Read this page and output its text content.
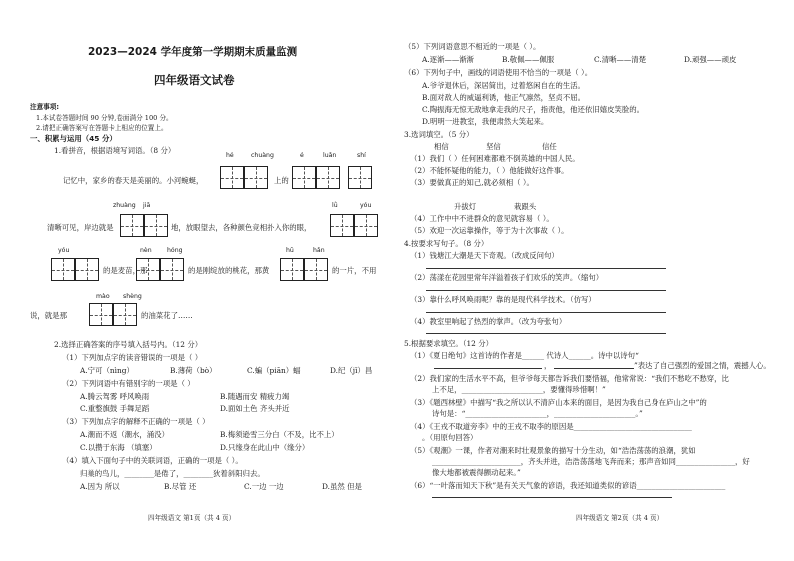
2023—2024 学年度第一学期期末质量监测
四年级语文试卷
注意事项:
1.本试卷答题时间 90 分钟,卷面满分 100 分。
2.请把正确答案写在答题卡上相应的位置上。
一、积累与运用（45 分）
1.看拼音，根据语境写词语。（8 分）
hé	chuàng	é	luǎn	shí
记忆中，家乡的春天是美丽的。小河蜿蜒，	上的
zhuàng jiā	lǜ	yóu
清晰可见，岸边就是	地，放眼望去，各种颜色竞相扑入你的眼，
yóu	nèn hóng	hū	hǎn
的是麦苗，那	的是刚绽放的桃花，那黄	的一片，不用
mào shèng
说，就是那	的油菜花了……
2.选择正确答案的序号填入括号内。（12 分）
（1）下列加点字的读音错误的一项是（ ）
A.宁可（nìng）	B.薄荷（bò）	C.蝙（piān）蝠	D.纪（jǐ）昌
（2）下列词语中有错别字的一项是（ ）
A.腾云驾雾 呼风唤雨	B.随遇而安 精疲力竭
C.重整旗鼓 手舞足蹈	D.面如土色 齐头并近
（3）下列加点字的解释不正确的一项是（ ）
A.潮而不返（潮水，涌没）	B.梅须逊雪三分白（不及，比不上）
C.以攒于东海 （填塞）	D.只缘身在此山中（缘分）
（4）填入下面句子中的关联词语，正确的一项是（ ）。
归巢的鸟儿，________是倦了，________狄着斜阳归去。
A.因为 所以	B.尽管 还	C.一边 一边	D.虽然 但是
四年级语文 第1页（共 4 页）
（5）下列词语意思不相近的一项是（ ）。
A.逐渐——渐渐	B.敬佩——佩服	C.清晰——清楚	D.顽强——顽皮
（6）下列句子中，画线的词语使用不恰当的一项是（ ）。
A.爷爷退休后，深居简出，过着悠闲自在的生活。
B.面对敌人的威逼利诱，他正气凛然，坚贞不屈。
C.陶振海无惊无敌地拿走我的尺子，指责他，他还依旧嬉皮笑脸的。
D.明明一进教室，我便肃然大笑起来。
3.选词填空。（5 分）
相信	坚信	信任
（1）我们（ ）任何困难都难不倒英雄的中国人民。
（2）不能怀疑他的能力，（ ）他能做好这件事。
（3）要做真正的知己,就必须相（ ）。
升拔灯	栽跟头
（4）工作中中不进群众的意见就容易（ ）。
（5）欢迎一次运靠操作，等于为十次事故（ ）。
4.按要求写句子。（8 分）
（1）钱塘江大潮是天下奇观。（改成反问句）
（2）荡漾在花园里常年洋溢着孩子们欢乐的笑声。（缩句）
（3）靠什么呼风唤雨呢？靠的是现代科学技术。（仿写）
（4）教室里响起了热烈的掌声。（改为夸张句）
5.根据要求填空。（12 分）
（1）《夏日绝句》这首诗的作者是______ 代诗人______。诗中以诗句“
，	”表达了自己强烈的爱国之情，震撼人心。
（2）我们家的生活水平不高，但爷爷每天都告诉我们要惜福，他常常说：“我们不愁吃不愁穿，比
上不足，______________________，要懂得珍惜啊！”
（3）《题西林壁》中描写“我之所以认不清庐山本来的面目，是因为我自己身在庐山之中”的
诗句是：“______________________，______________________。”
（4）《王戎不取道旁李》中的王戎不取李的原因是________________________________
。（用原句回答）
（5）《观潮》一课，作者对潮来时壮观景象的描写十分生动，如“浩浩荡荡的浪潮，犹如
________________________，齐头并进，浩浩荡荡地飞奔而来；那声音如同________________，好
像大地都被震得颤动起来。”
（6）“一叶落而知天下秋”是有关天气象的谚语，我还知道类似的谚语________________________
四年级语文 第2页（共 4 页）
